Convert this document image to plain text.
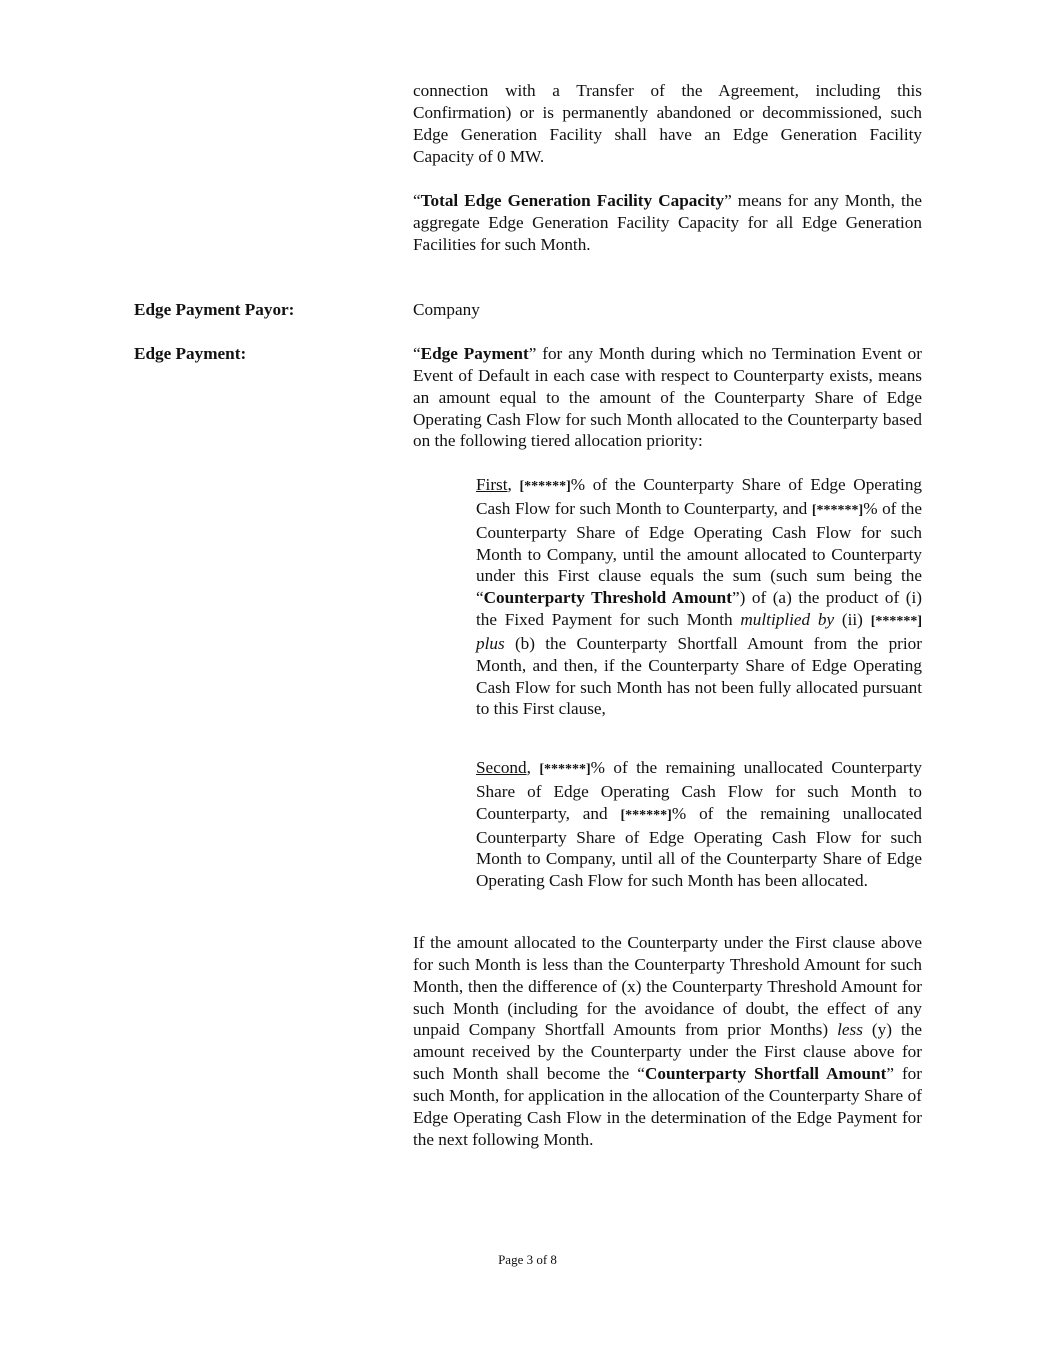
connection with a Transfer of the Agreement, including this Confirmation) or is permanently abandoned or decommissioned, such Edge Generation Facility shall have an Edge Generation Facility Capacity of 0 MW.

“Total Edge Generation Facility Capacity” means for any Month, the aggregate Edge Generation Facility Capacity for all Edge Generation Facilities for such Month.

Edge Payment Payor:	Company
Edge Payment:	“Edge Payment” for any Month during which no Termination Event or Event of Default in each case with respect to Counterparty exists, means an amount equal to the amount of the Counterparty Share of Edge Operating Cash Flow for such Month allocated to the Counterparty based on the following tiered allocation priority:

First, [******]% of the Counterparty Share of Edge Operating Cash Flow for such Month to Counterparty, and [******]% of the Counterparty Share of Edge Operating Cash Flow for such Month to Company, until the amount allocated to Counterparty under this First clause equals the sum (such sum being the “Counterparty Threshold Amount”) of (a) the product of (i) the Fixed Payment for such Month multiplied by (ii) [******] plus (b) the Counterparty Shortfall Amount from the prior Month, and then, if the Counterparty Share of Edge Operating Cash Flow for such Month has not been fully allocated pursuant to this First clause,

Second, [******]% of the remaining unallocated Counterparty Share of Edge Operating Cash Flow for such Month to Counterparty, and [******]% of the remaining unallocated Counterparty Share of Edge Operating Cash Flow for such Month to Company, until all of the Counterparty Share of Edge Operating Cash Flow for such Month has been allocated.

If the amount allocated to the Counterparty under the First clause above for such Month is less than the Counterparty Threshold Amount for such Month, then the difference of (x) the Counterparty Threshold Amount for such Month (including for the avoidance of doubt, the effect of any unpaid Company Shortfall Amounts from prior Months) less (y) the amount received by the Counterparty under the First clause above for such Month shall become the “Counterparty Shortfall Amount” for such Month, for application in the allocation of the Counterparty Share of Edge Operating Cash Flow in the determination of the Edge Payment for the next following Month.

Page 3 of 8
